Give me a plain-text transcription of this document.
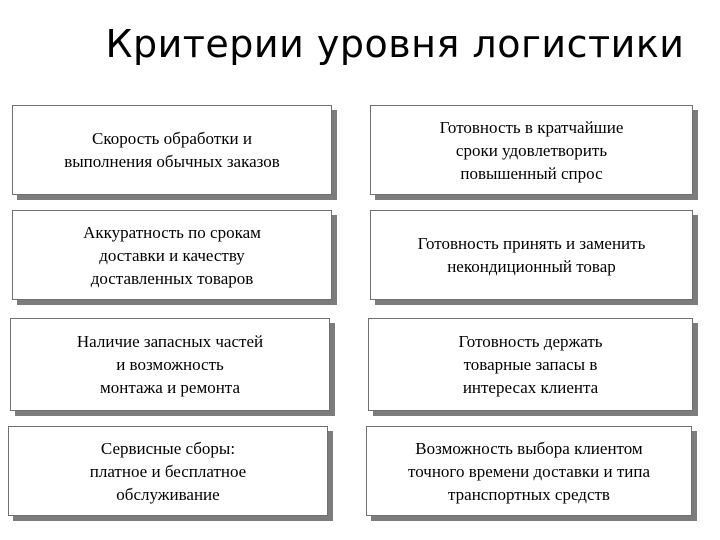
Критерии уровня логистики
Скорость обработки и
выполнения обычных заказов
Аккуратность по срокам
доставки и качеству
доставленных товаров
Наличие запасных частей
и возможность
монтажа и ремонта
Сервисные сборы:
платное и бесплатное
обслуживание
Готовность в кратчайшие
сроки удовлетворить
повышенный спрос
Готовность принять и заменить
некондиционный товар
Готовность держать
товарные запасы в
интересах клиента
Возможность выбора клиентом
точного времени доставки и типа
транспортных средств
